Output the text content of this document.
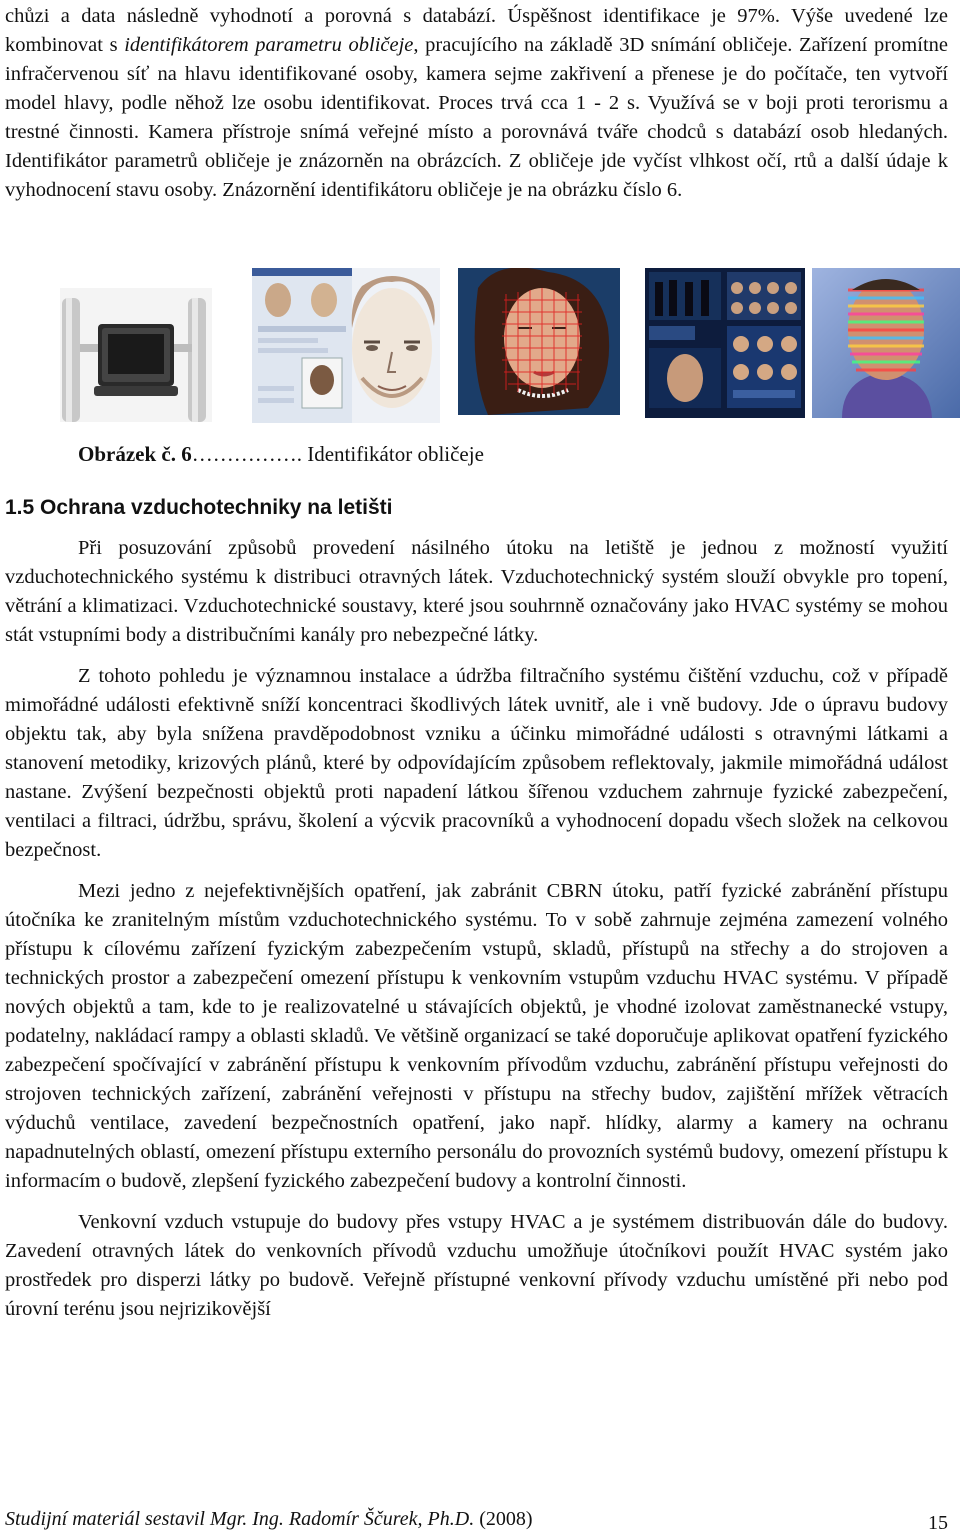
chůzi a data následně vyhodnotí a porovná s databází. Úspěšnost identifikace je 97%. Výše uvedené lze kombinovat s identifikátorem parametru obličeje, pracujícího na základě 3D snímání obličeje. Zařízení promítne infračervenou síť na hlavu identifikované osoby, kamera sejme zakřivení a přenese je do počítače, ten vytvoří model hlavy, podle něhož lze osobu identifikovat. Proces trvá cca 1 - 2 s. Využívá se v boji proti terorismu a trestné činnosti. Kamera přístroje snímá veřejné místo a porovnává tváře chodců s databází osob hledaných. Identifikátor parametrů obličeje je znázorněn na obrázcích. Z obličeje jde vyčíst vlhkost očí, rtů a další údaje k vyhodnocení stavu osoby. Znázornění identifikátoru obličeje je na obrázku číslo 6.

Obrázek č. 6……………. Identifikátor obličeje
1.5 Ochrana vzduchotechniky na letišti

Při posuzování způsobů provedení násilného útoku na letiště je jednou z možností využití vzduchotechnického systému k distribuci otravných látek. Vzduchotechnický systém slouží obvykle pro topení, větrání a klimatizaci. Vzduchotechnické soustavy, které jsou souhrnně označovány jako HVAC systémy se mohou stát vstupními body a distribučními kanály pro nebezpečné látky.

Z tohoto pohledu je významnou instalace a údržba filtračního systému čištění vzduchu, což v případě mimořádné události efektivně sníží koncentraci škodlivých látek uvnitř, ale i vně budovy. Jde o úpravu budovy objektu tak, aby byla snížena pravděpodobnost vzniku a účinku mimořádné události s otravnými látkami a stanovení metodiky, krizových plánů, které by odpovídajícím způsobem reflektovaly, jakmile mimořádná událost nastane. Zvýšení bezpečnosti objektů proti napadení látkou šířenou vzduchem zahrnuje fyzické zabezpečení, ventilaci a filtraci, údržbu, správu, školení a výcvik pracovníků a vyhodnocení dopadu všech složek na celkovou bezpečnost.

Mezi jedno z nejefektivnějších opatření, jak zabránit CBRN útoku, patří fyzické zabránění přístupu útočníka ke zranitelným místům vzduchotechnického systému. To v sobě zahrnuje zejména zamezení volného přístupu k cílovému zařízení fyzickým zabezpečením vstupů, skladů, přístupů na střechy a do strojoven a technických prostor a zabezpečení omezení přístupu k venkovním vstupům vzduchu HVAC systému. V případě nových objektů a tam, kde to je realizovatelné u stávajících objektů, je vhodné izolovat zaměstnanecké vstupy, podatelny, nakládací rampy a oblasti skladů. Ve většině organizací se také doporučuje aplikovat opatření fyzického zabezpečení spočívající v zabránění přístupu k venkovním přívodům vzduchu, zabránění přístupu veřejnosti do strojoven technických zařízení, zabránění veřejnosti v přístupu na střechy budov, zajištění mřížek větracích výduchů ventilace, zavedení bezpečnostních opatření, jako např. hlídky, alarmy a kamery na ochranu napadnutelných oblastí, omezení přístupu externího personálu do provozních systémů budovy, omezení přístupu k informacím o budově, zlepšení fyzického zabezpečení budovy a kontrolní činnosti.

Venkovní vzduch vstupuje do budovy přes vstupy HVAC a je systémem distribuován dále do budovy. Zavedení otravných látek do venkovních přívodů vzduchu umožňuje útočníkovi použít HVAC systém jako prostředek pro disperzi látky po budově. Veřejně přístupné venkovní přívody vzduchu umístěné při nebo pod úrovní terénu jsou nejrizikovější

Studijní materiál sestavil Mgr. Ing. Radomír Ščurek, Ph.D. (2008)	15
